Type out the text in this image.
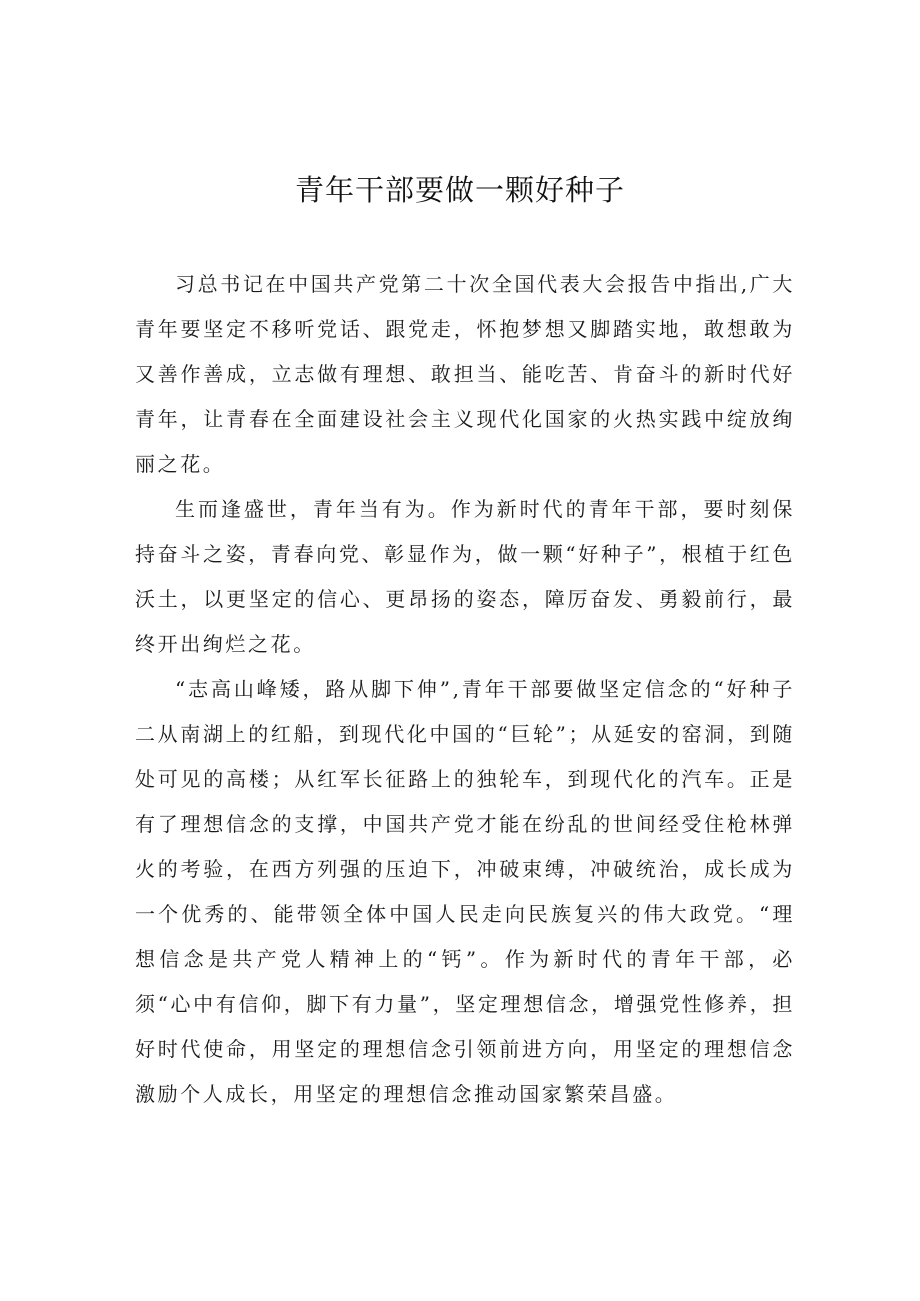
青年干部要做一颗好种子

习总书记在中国共产党第二十次全国代表大会报告中指出,广大青年要坚定不移听党话、跟党走，怀抱梦想又脚踏实地，敢想敢为又善作善成，立志做有理想、敢担当、能吃苦、肯奋斗的新时代好青年，让青春在全面建设社会主义现代化国家的火热实践中绽放绚丽之花。

生而逢盛世，青年当有为。作为新时代的青年干部，要时刻保持奋斗之姿，青春向党、彰显作为，做一颗“好种子”，根植于红色沃土，以更坚定的信心、更昂扬的姿态，障厉奋发、勇毅前行，最终开出绚烂之花。

“志高山峰矮，路从脚下伸”,青年干部要做坚定信念的“好种子二从南湖上的红船，到现代化中国的“巨轮”；从延安的窑洞，到随处可见的高楼；从红军长征路上的独轮车，到现代化的汽车。正是有了理想信念的支撑，中国共产党才能在纷乱的世间经受住枪林弹火的考验，在西方列强的压迫下，冲破束缚，冲破统治，成长成为一个优秀的、能带领全体中国人民走向民族复兴的伟大政党。“理想信念是共产党人精神上的“钙”。作为新时代的青年干部，必须“心中有信仰，脚下有力量”，坚定理想信念，增强党性修养，担好时代使命，用坚定的理想信念引领前进方向，用坚定的理想信念激励个人成长，用坚定的理想信念推动国家繁荣昌盛。
